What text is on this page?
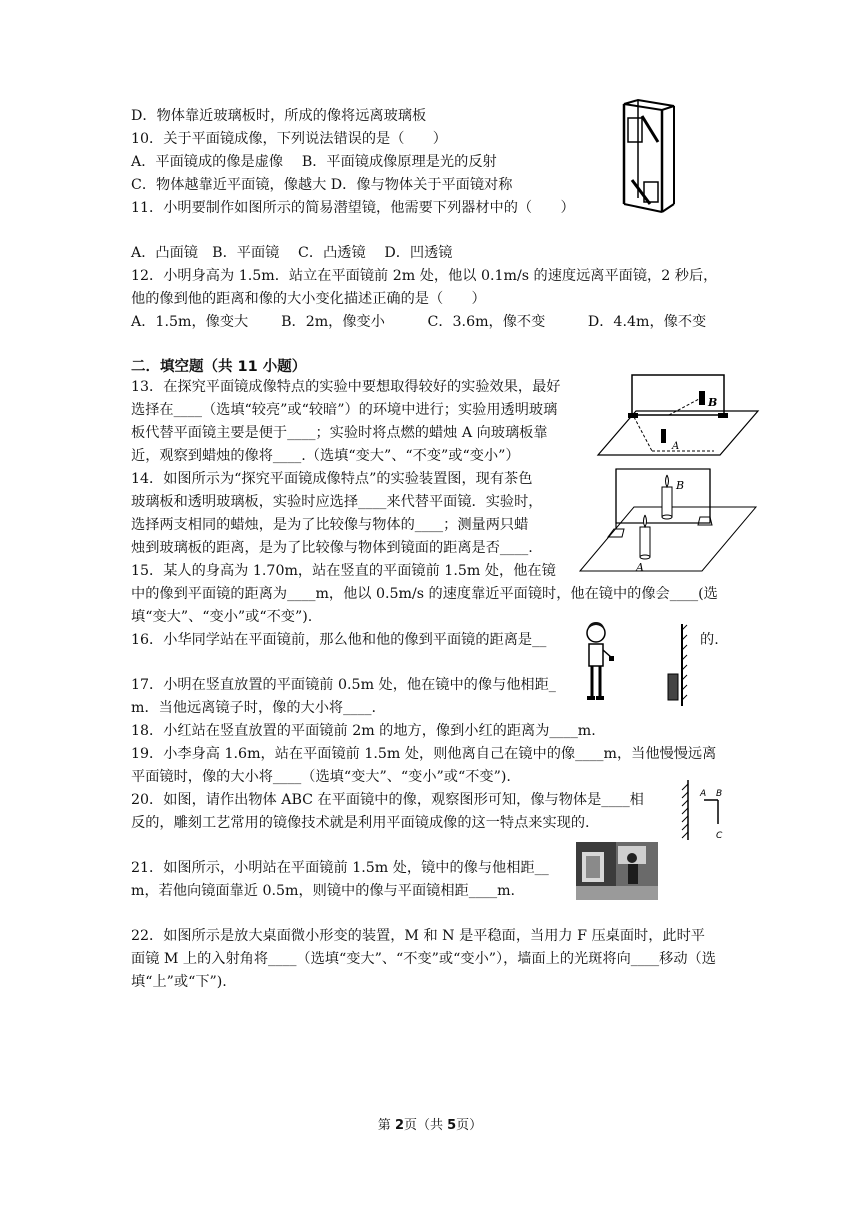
D．物体靠近玻璃板时，所成的像将远离玻璃板
10．关于平面镜成像，下列说法错误的是（　　）
A．平面镜成的像是虚像　 B．平面镜成像原理是光的反射
C．物体越靠近平面镜，像越大 D．像与物体关于平面镜对称
11．小明要制作如图所示的简易潜望镜，他需要下列器材中的（　　）
A．凸面镜　B．平面镜　 C．凸透镜　 D．凹透镜
12．小明身高为 1.5m．站立在平面镜前 2m 处，他以 0.1m/s 的速度远离平面镜，2 秒后，
他的像到他的距离和像的大小变化描述正确的是（　　）
A．1.5m，像变大　　 B．2m，像变小　　　C．3.6m，像不变　　　D．4.4m，像不变
13．在探究平面镜成像特点的实验中要想取得较好的实验效果，最好
选择在____（选填“较亮”或“较暗”）的环境中进行；实验用透明玻璃
板代替平面镜主要是便于____；实验时将点燃的蜡烛 A 向玻璃板靠
近，观察到蜡烛的像将____.（选填“变大”、“不变”或“变小”）
14．如图所示为“探究平面镜成像特点”的实验装置图，现有茶色
玻璃板和透明玻璃板，实验时应选择____来代替平面镜．实验时，
选择两支相同的蜡烛，是为了比较像与物体的____；测量两只蜡
烛到玻璃板的距离，是为了比较像与物体到镜面的距离是否____.
15．某人的身高为 1.70m，站在竖直的平面镜前 1.5m 处，他在镜
中的像到平面镜的距离为____m，他以 0.5m/s 的速度靠近平面镜时，他在镜中的像会____(选
填“变大”、“变小”或“不变”).
16．小华同学站在平面镜前，那么他和他的像到平面镜的距离是__
17．小明在竖直放置的平面镜前 0.5m 处，他在镜中的像与他相距_
m．当他远离镜子时，像的大小将____.
18．小红站在竖直放置的平面镜前 2m 的地方，像到小红的距离为____m.
19．小李身高 1.6m，站在平面镜前 1.5m 处，则他离自己在镜中的像____m，当他慢慢远离
平面镜时，像的大小将____（选填“变大”、“变小”或“不变”).
20．如图，请作出物体 ABC 在平面镜中的像，观察图形可知，像与物体是____相
反的，雕刻工艺常用的镜像技术就是利用平面镜成像的这一特点来实现的.
21．如图所示，小明站在平面镜前 1.5m 处，镜中的像与他相距__
m，若他向镜面靠近 0.5m，则镜中的像与平面镜相距____m.
22．如图所示是放大桌面微小形变的装置，M 和 N 是平稳面，当用力 F 压桌面时，此时平
面镜 M 上的入射角将____（选填“变大”、“不变”或“变小”），墙面上的光斑将向____移动（选
填“上”或“下”).
二．填空题（共 11 小题）
的.
B
A
B
A
A B
C
第 2页（共 5页）
